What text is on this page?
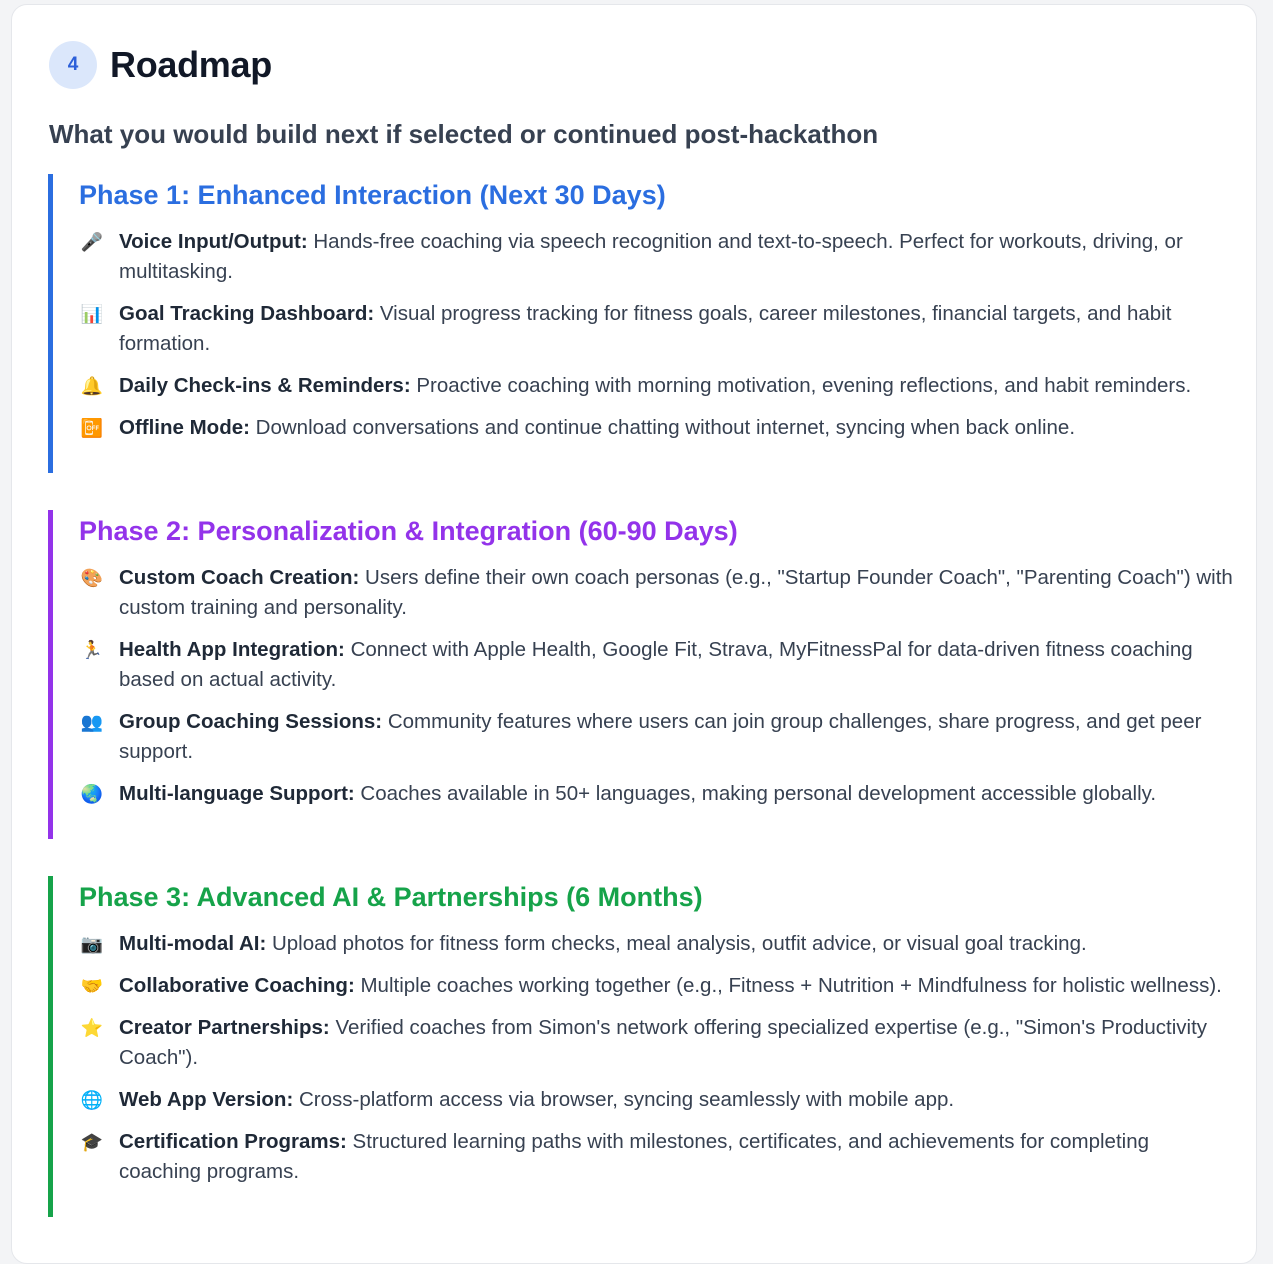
4 Roadmap
What you would build next if selected or continued post-hackathon
Phase 1: Enhanced Interaction (Next 30 Days)
🎤 Voice Input/Output: Hands-free coaching via speech recognition and text-to-speech. Perfect for workouts, driving, or multitasking.
📊 Goal Tracking Dashboard: Visual progress tracking for fitness goals, career milestones, financial targets, and habit formation.
🔔 Daily Check-ins & Reminders: Proactive coaching with morning motivation, evening reflections, and habit reminders.
📴 Offline Mode: Download conversations and continue chatting without internet, syncing when back online.
Phase 2: Personalization & Integration (60-90 Days)
🎨 Custom Coach Creation: Users define their own coach personas (e.g., "Startup Founder Coach", "Parenting Coach") with custom training and personality.
🏃 Health App Integration: Connect with Apple Health, Google Fit, Strava, MyFitnessPal for data-driven fitness coaching based on actual activity.
👥 Group Coaching Sessions: Community features where users can join group challenges, share progress, and get peer support.
🌏 Multi-language Support: Coaches available in 50+ languages, making personal development accessible globally.
Phase 3: Advanced AI & Partnerships (6 Months)
📷 Multi-modal AI: Upload photos for fitness form checks, meal analysis, outfit advice, or visual goal tracking.
🤝 Collaborative Coaching: Multiple coaches working together (e.g., Fitness + Nutrition + Mindfulness for holistic wellness).
⭐ Creator Partnerships: Verified coaches from Simon's network offering specialized expertise (e.g., "Simon's Productivity Coach").
🌐 Web App Version: Cross-platform access via browser, syncing seamlessly with mobile app.
🎓 Certification Programs: Structured learning paths with milestones, certificates, and achievements for completing coaching programs.
